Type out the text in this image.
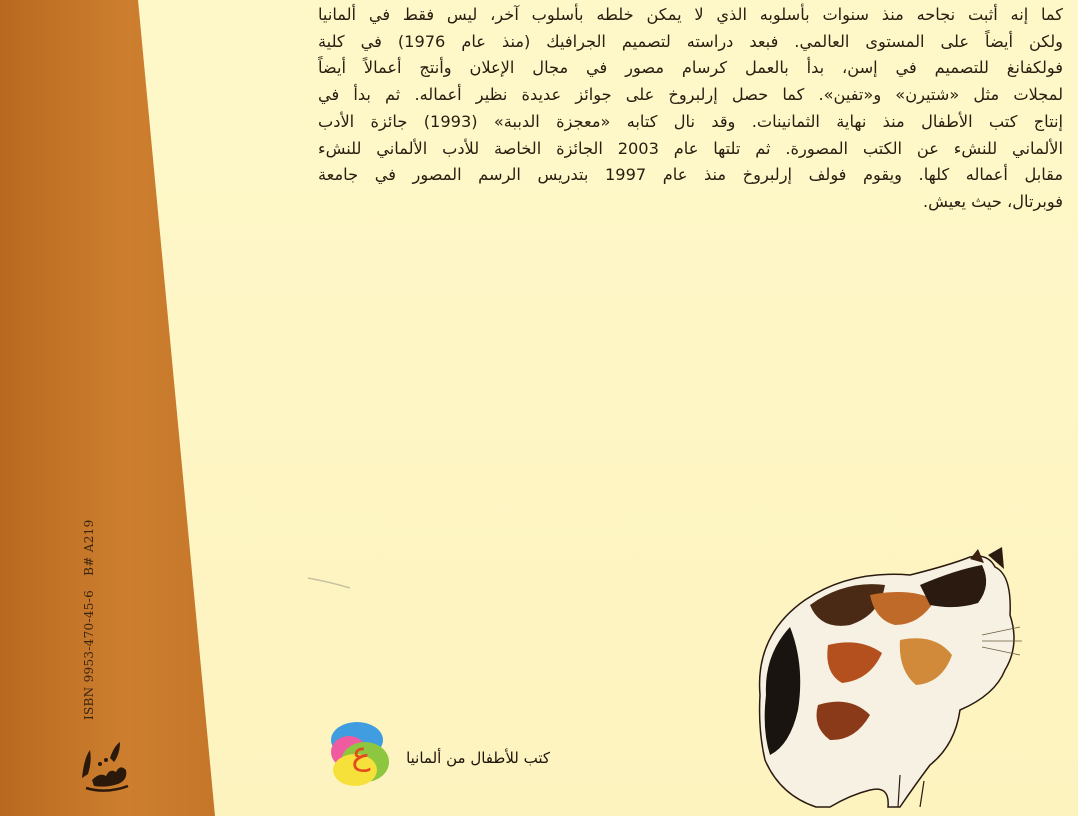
ISBN 9953-470-45-6 B# A219
كما إنه أثبت نجاحه منذ سنوات بأسلوبه الذي لا يمكن خلطه بأسلوب آخر، ليس فقط في ألمانيا
ولكن أيضاً على المستوى العالمي. فبعد دراسته لتصميم الجرافيك (منذ عام 1976) في كلية
فولكفانغ للتصميم في إسن، بدأ بالعمل كرسام مصور في مجال الإعلان وأنتج أعمالاً أيضاً
لمجلات مثل «شتيرن» و«تفين». كما حصل إرلبروخ على جوائز عديدة نظير أعماله. ثم بدأ في
إنتاج كتب الأطفال منذ نهاية الثمانينات. وقد نال كتابه «معجزة الدببة» (1993) جائزة الأدب
الألماني للنشء عن الكتب المصورة. ثم تلتها عام 2003 الجائزة الخاصة للأدب الألماني للنشء
مقابل أعماله كلها. ويقوم فولف إرلبروخ منذ عام 1997 بتدريس الرسم المصور في جامعة
فوبرتال، حيث يعيش.
ع	كتب للأطفال من ألمانيا
